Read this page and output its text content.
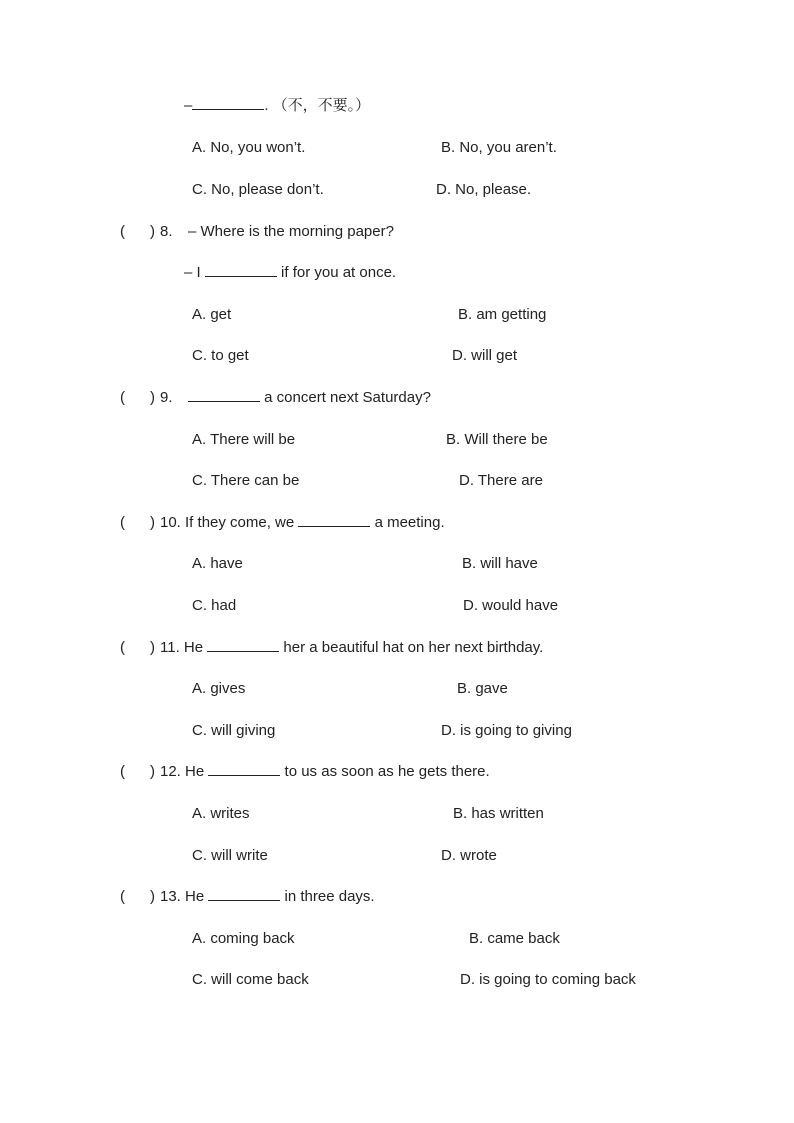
–	. （不，不要。）
A. No, you won’t.	B. No, you aren’t.
C. No, please don’t.	D. No, please.
(      ) 8. – Where is the morning paper?
– I	if for you at once.
A. get	B. am getting
C. to get	D. will get
(      ) 9.	a concert next Saturday?
A. There will be	B. Will there be
C. There can be	D. There are
(      ) 10. If they come, we	a meeting.
A. have	B. will have
C. had	D. would have
(      ) 11. He	her a beautiful hat on her next birthday.
A. gives	B. gave
C. will giving	D. is going to giving
(      ) 12. He	to us as soon as he gets there.
A. writes	B. has written
C. will write	D. wrote
(      ) 13. He	in three days.
A. coming back	B. came back
C. will come back	D. is going to coming back
